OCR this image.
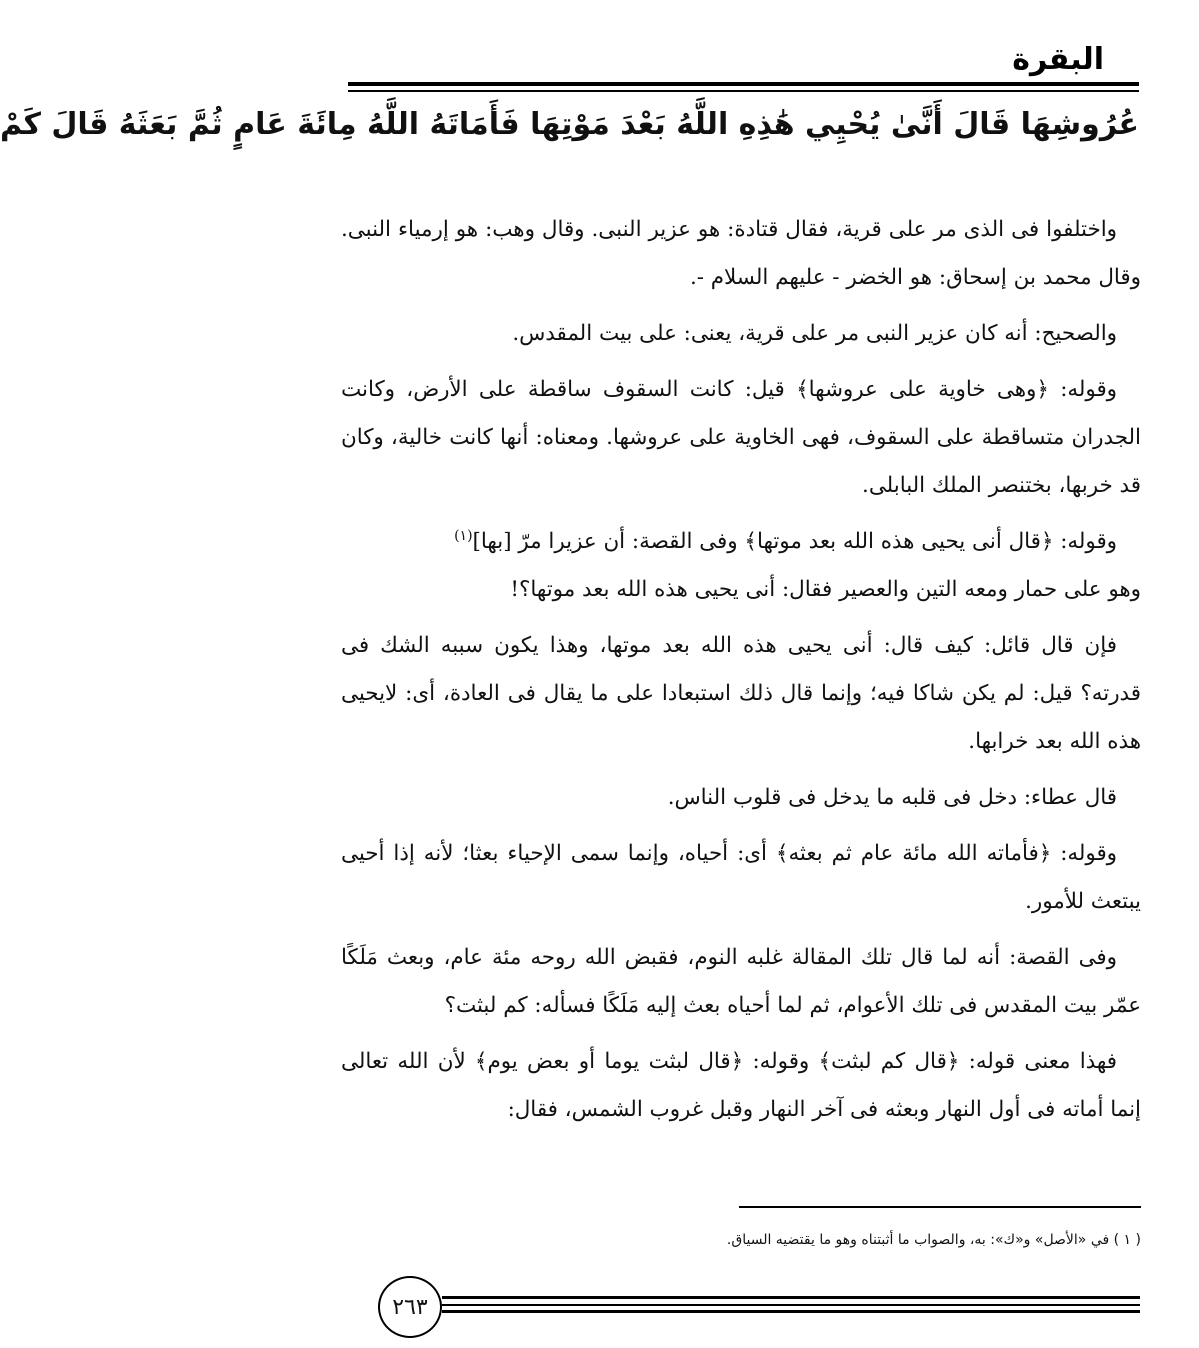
البقرة
عُرُوشِهَا قَالَ أَنَّىٰ يُحْيِي هَٰذِهِ اللَّهُ بَعْدَ مَوْتِهَا فَأَمَاتَهُ اللَّهُ مِائَةَ عَامٍ ثُمَّ بَعَثَهُ قَالَ كَمْ

واختلفوا فى الذى مر على قرية، فقال قتادة: هو عزير النبى. وقال وهب: هو إرمياء النبى. وقال محمد بن إسحاق: هو الخضر - عليهم السلام -.

والصحيح: أنه كان عزير النبى مر على قرية، يعنى: على بيت المقدس.

وقوله: ﴿وهى خاوية على عروشها﴾ قيل: كانت السقوف ساقطة على الأرض، وكانت الجدران متساقطة على السقوف، فهى الخاوية على عروشها. ومعناه: أنها كانت خالية، وكان قد خربها، بختنصر الملك البابلى.

وقوله: ﴿قال أنى يحيى هذه الله بعد موتها﴾ وفى القصة: أن عزيرا مرّ [بها]$^{(١)}$

وهو على حمار ومعه التين والعصير فقال: أنى يحيى هذه الله بعد موتها؟!

فإن قال قائل: كيف قال: أنى يحيى هذه الله بعد موتها، وهذا يكون سببه الشك فى قدرته؟ قيل: لم يكن شاكا فيه؛ وإنما قال ذلك استبعادا على ما يقال فى العادة، أى: لايحيى هذه الله بعد خرابها.

قال عطاء: دخل فى قلبه ما يدخل فى قلوب الناس.

وقوله: ﴿فأماته الله مائة عام ثم بعثه﴾ أى: أحياه، وإنما سمى الإحياء بعثا؛ لأنه إذا أحيى يبتعث للأمور.

وفى القصة: أنه لما قال تلك المقالة غلبه النوم، فقبض الله روحه مئة عام، وبعث مَلَكًا عمّر بيت المقدس فى تلك الأعوام، ثم لما أحياه بعث إليه مَلَكًا فسأله: كم لبثت؟

فهذا معنى قوله: ﴿قال كم لبثت﴾ وقوله: ﴿قال لبثت يوما أو بعض يوم﴾ لأن الله تعالى إنما أماته فى أول النهار وبعثه فى آخر النهار وقبل غروب الشمس، فقال:

( ١ ) في «الأصل» و«ك»: به، والصواب ما أثبتناه وهو ما يقتضيه السياق.
٢٦٣
